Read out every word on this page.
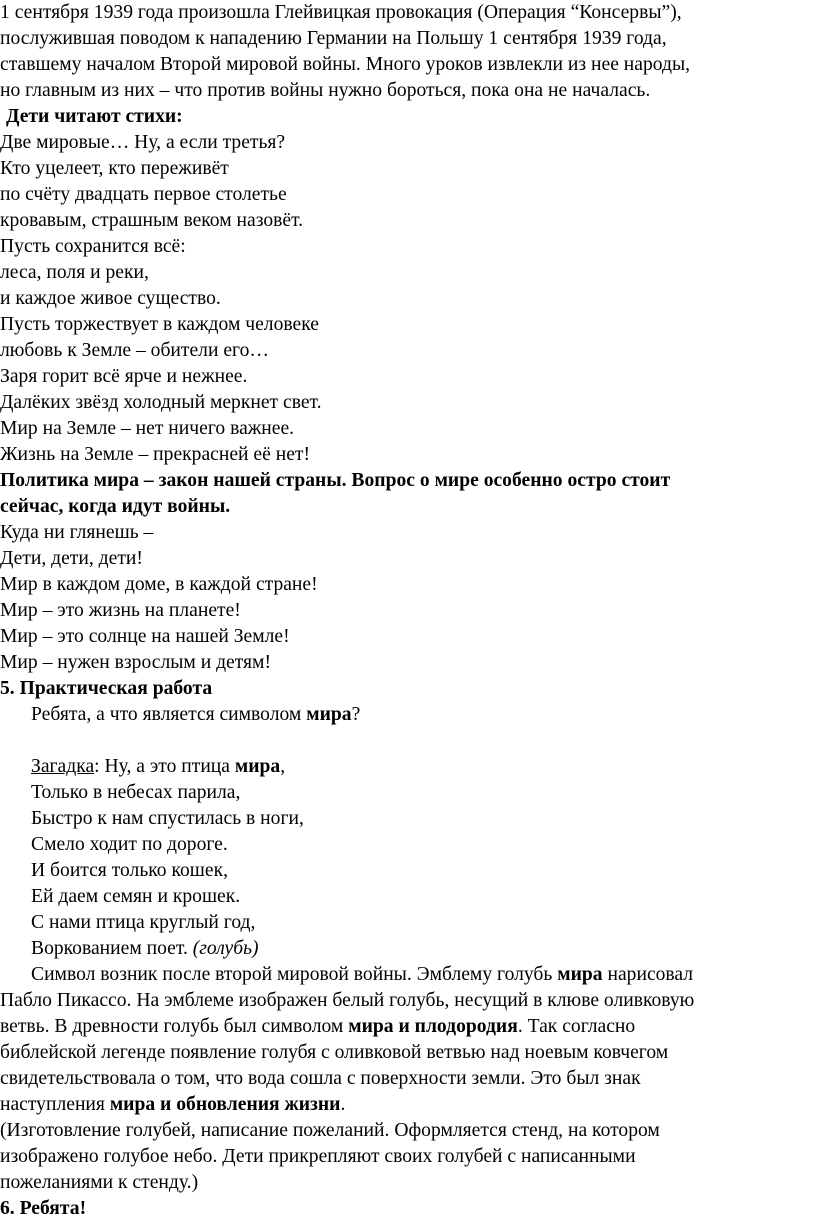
1 сентября 1939 года произошла Глейвицкая провокация (Операция “Консервы”),

послужившая поводом к нападению Германии на Польшу 1 сентября 1939 года,

ставшему началом Второй мировой войны. Много уроков извлекли из нее народы,

но главным из них – что против войны нужно бороться, пока она не началась.

Дети читают стихи:

Две мировые… Ну, а если третья?

Кто уцелеет, кто переживёт

по счёту двадцать первое столетье

кровавым, страшным веком назовёт.

Пусть сохранится всё:

леса, поля и реки,

и каждое живое существо.

Пусть торжествует в каждом человеке

любовь к Земле – обители его…

Заря горит всё ярче и нежнее.

Далёких звёзд холодный меркнет свет.

Мир на Земле – нет ничего важнее.

Жизнь на Земле – прекрасней её нет!

Политика мира – закон нашей страны. Вопрос о мире особенно остро стоит

сейчас, когда идут войны.

Куда ни глянешь –

Дети, дети, дети!

Мир в каждом доме, в каждой стране!

Мир – это жизнь на планете!

Мир – это солнце на нашей Земле!

Мир – нужен взрослым и детям!

5. Практическая работа

Ребята, а что является символом мира?

Загадка: Ну, а это птица мира,

Только в небесах парила,

Быстро к нам спустилась в ноги,

Смело ходит по дороге.

И боится только кошек,

Ей даем семян и крошек.

С нами птица круглый год,

Воркованием поет. (голубь)

Символ возник после второй мировой войны. Эмблему голубь мира нарисовал

Пабло Пикассо. На эмблеме изображен белый голубь, несущий в клюве оливковую

ветвь. В древности голубь был символом мира и плодородия. Так согласно

библейской легенде появление голубя с оливковой ветвью над ноевым ковчегом

свидетельствовала о том, что вода сошла с поверхности земли. Это был знак

наступления мира и обновления жизни.

(Изготовление голубей, написание пожеланий. Оформляется стенд, на котором

изображено голубое небо. Дети прикрепляют своих голубей с написанными

пожеланиями к стенду.)

6. Ребята!
